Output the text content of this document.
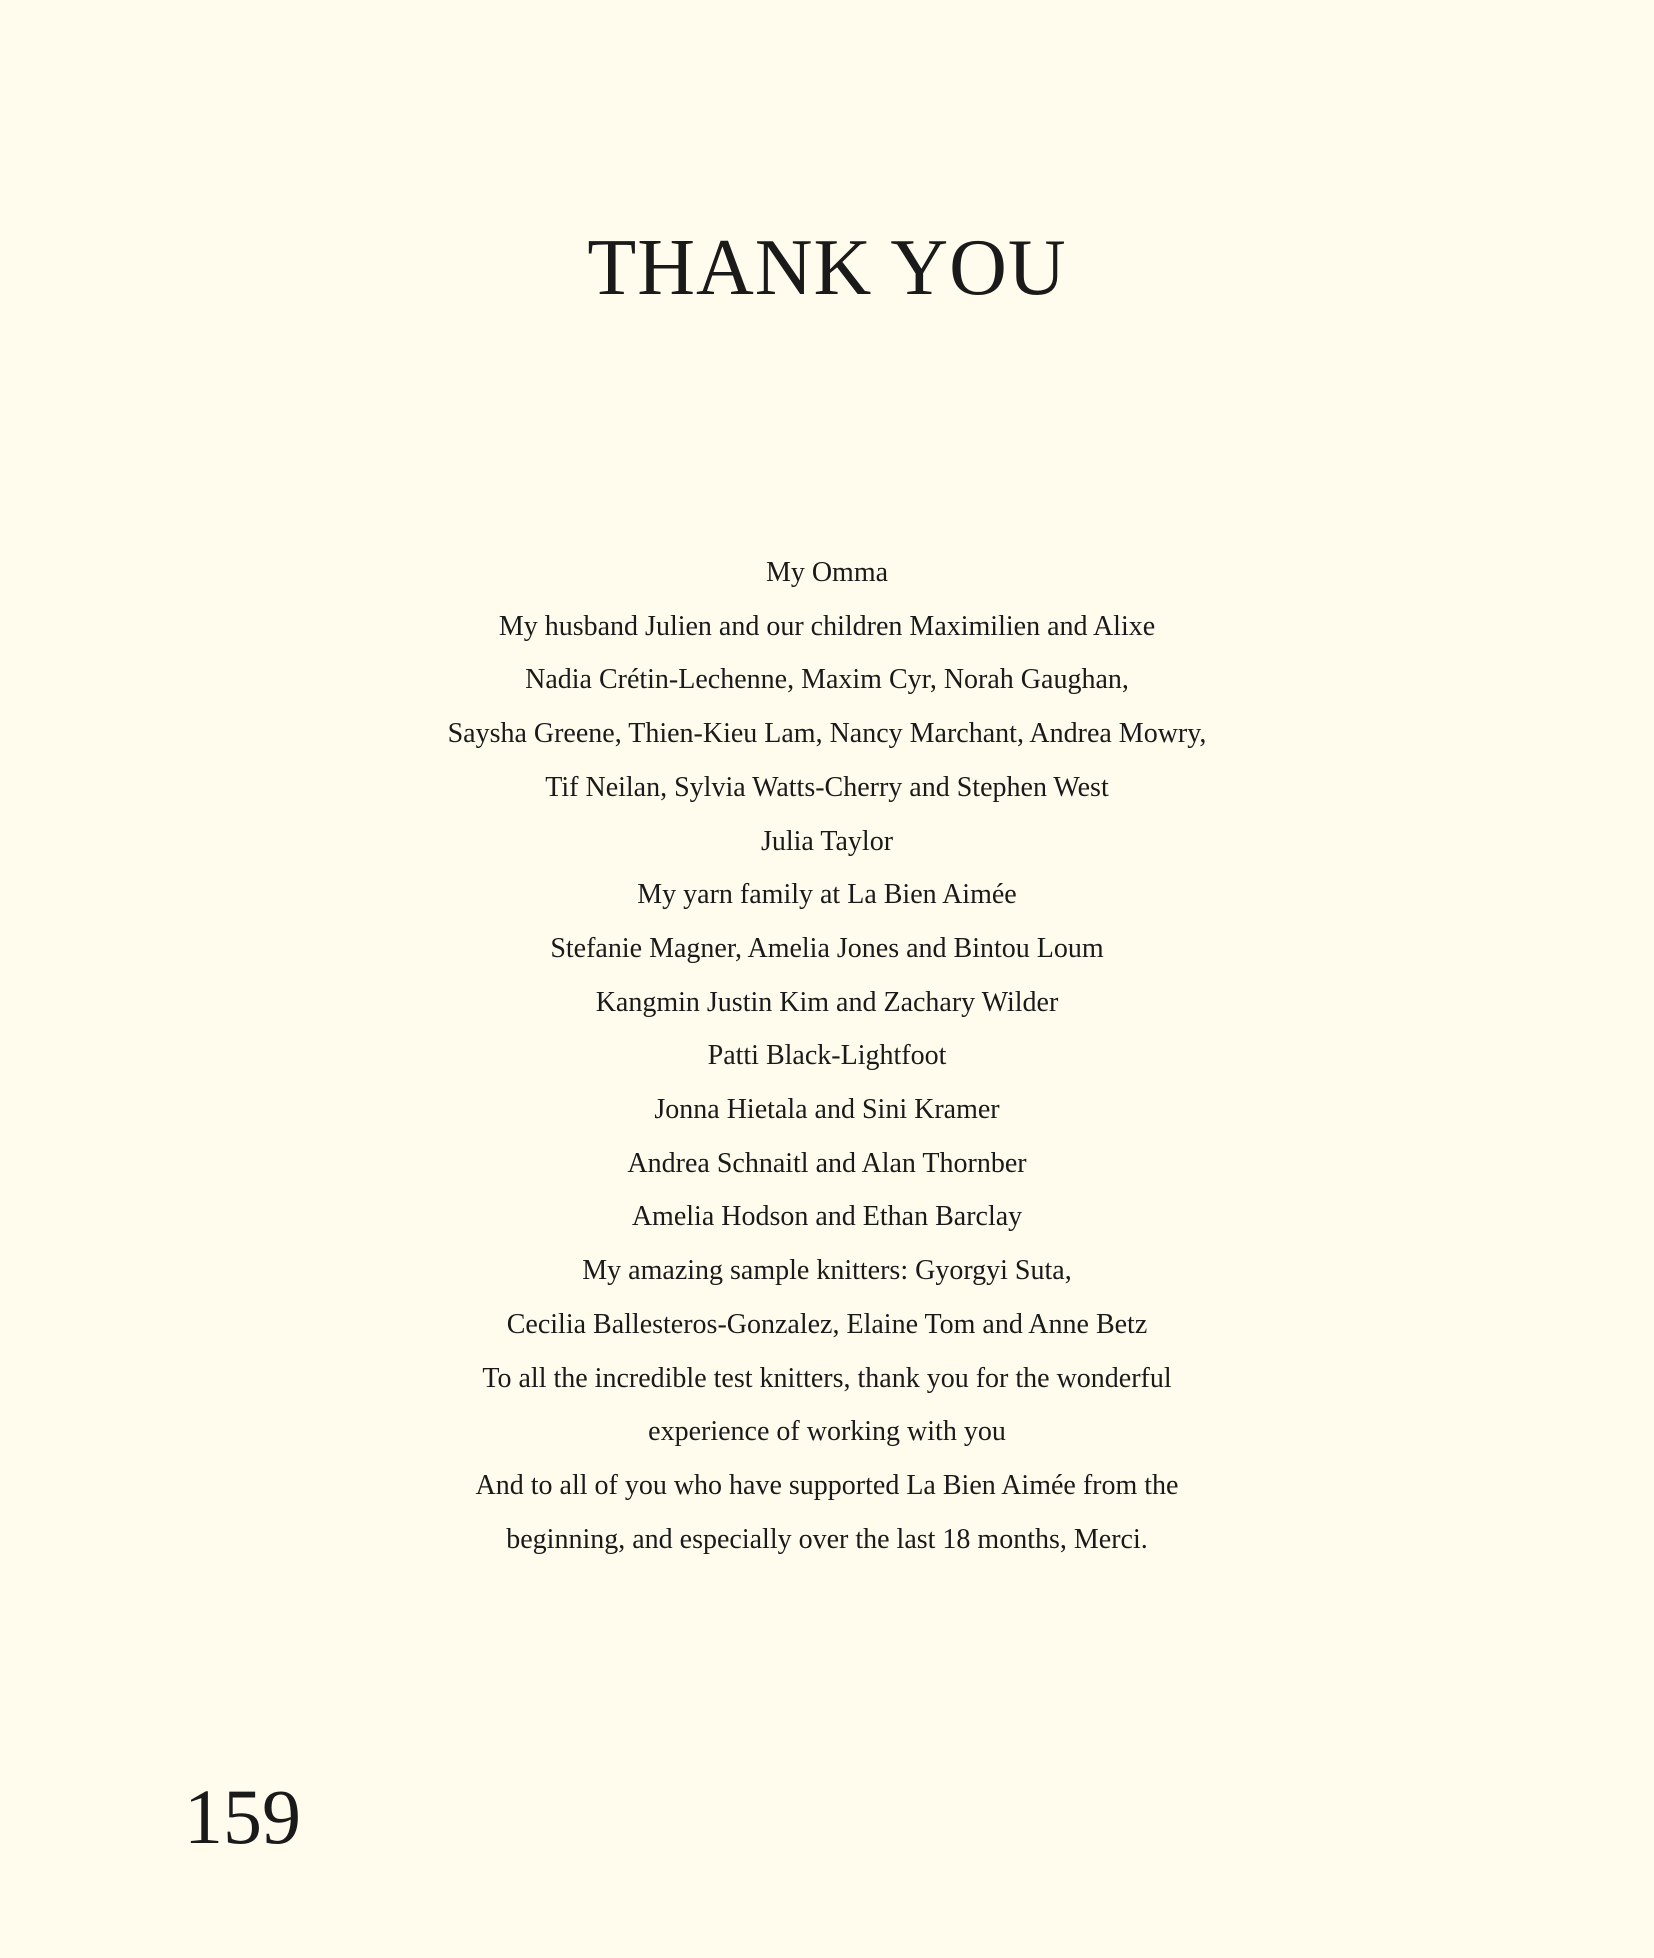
THANK YOU
My Omma
My husband Julien and our children Maximilien and Alixe
Nadia Crétin-Lechenne, Maxim Cyr, Norah Gaughan,
Saysha Greene, Thien-Kieu Lam, Nancy Marchant, Andrea Mowry,
Tif Neilan, Sylvia Watts-Cherry and Stephen West
Julia Taylor
My yarn family at La Bien Aimée
Stefanie Magner, Amelia Jones and Bintou Loum
Kangmin Justin Kim and Zachary Wilder
Patti Black-Lightfoot
Jonna Hietala and Sini Kramer
Andrea Schnaitl and Alan Thornber
Amelia Hodson and Ethan Barclay
My amazing sample knitters: Gyorgyi Suta,
Cecilia Ballesteros-Gonzalez, Elaine Tom and Anne Betz
To all the incredible test knitters, thank you for the wonderful
experience of working with you
And to all of you who have supported La Bien Aimée from the
beginning, and especially over the last 18 months, Merci.
159
